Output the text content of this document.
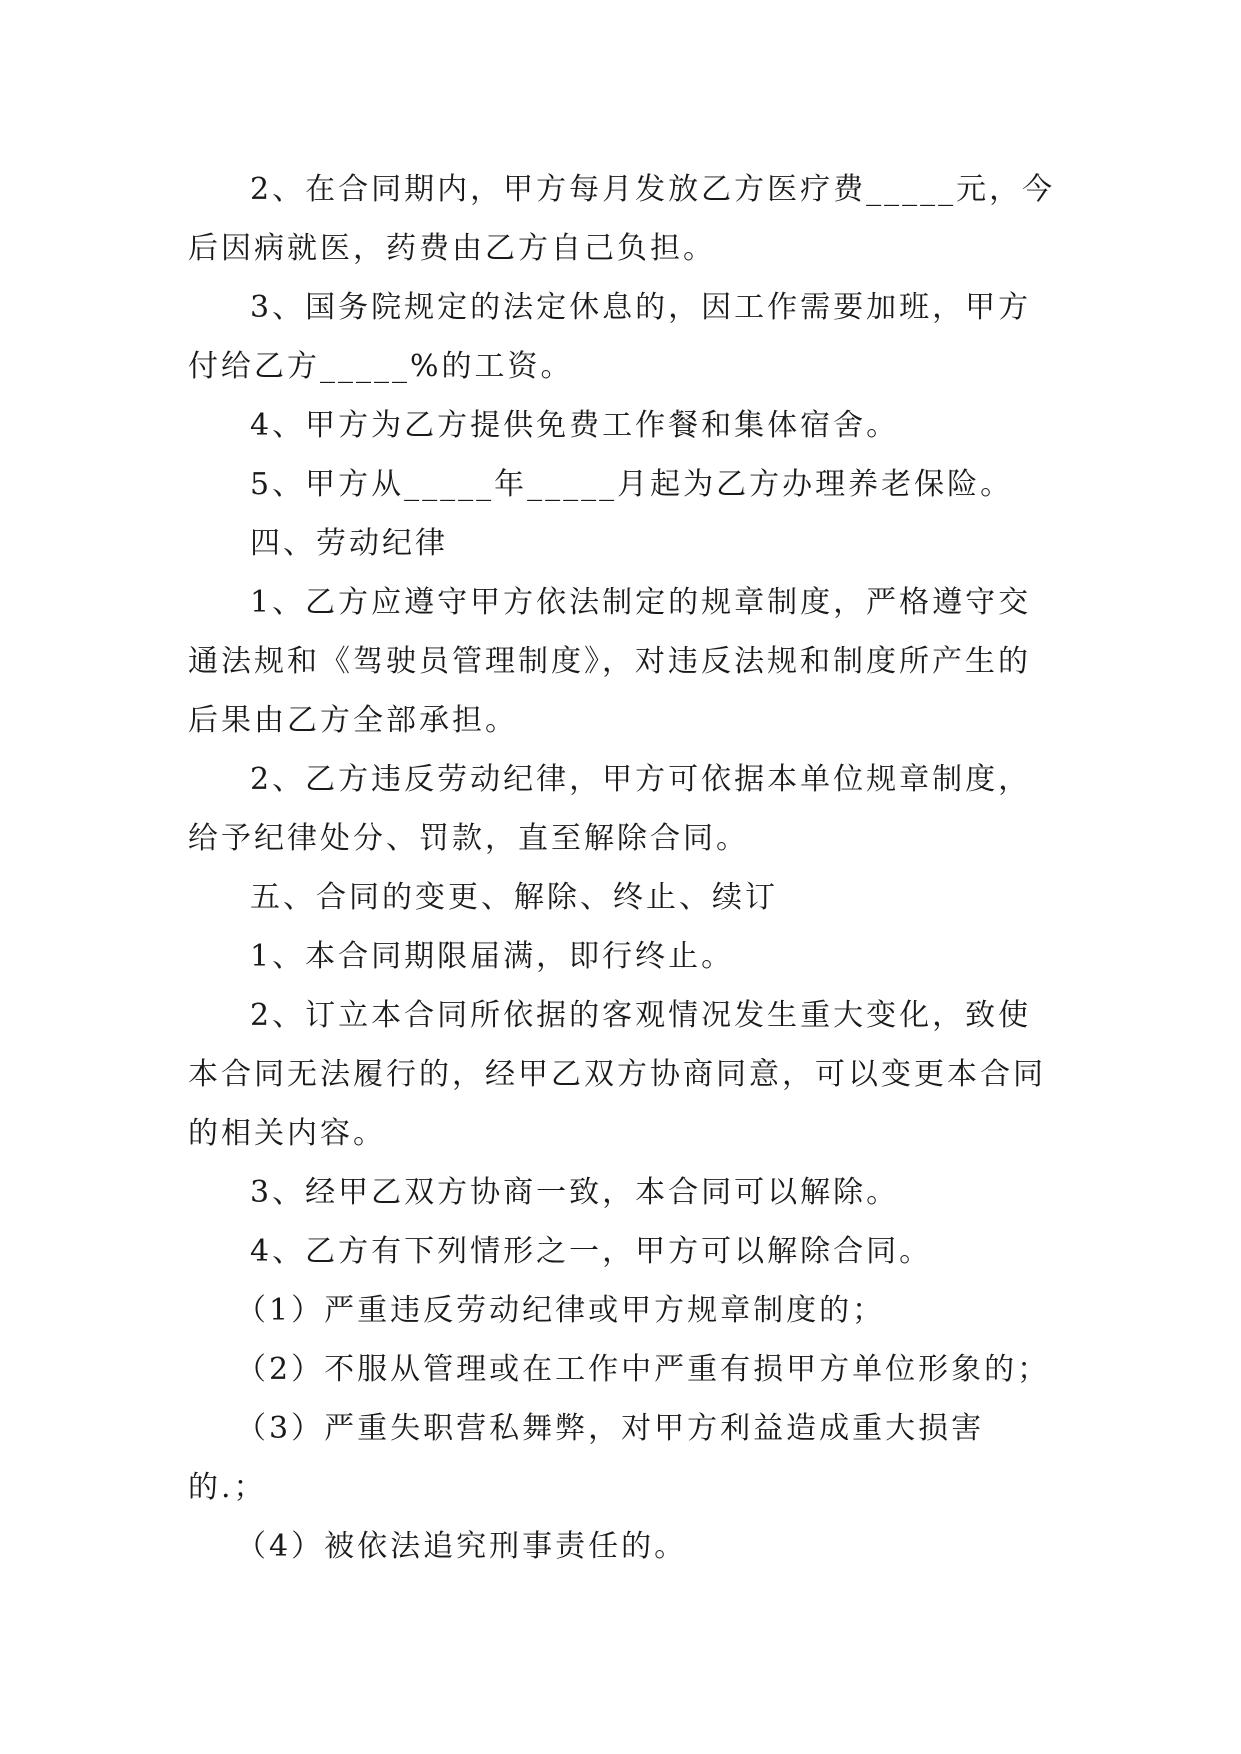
2、在合同期内，甲方每月发放乙方医疗费_____元，今

后因病就医，药费由乙方自己负担。

3、国务院规定的法定休息的，因工作需要加班，甲方

付给乙方_____%的工资。

4、甲方为乙方提供免费工作餐和集体宿舍。

5、甲方从_____年_____月起为乙方办理养老保险。

四、劳动纪律

1、乙方应遵守甲方依法制定的规章制度，严格遵守交

通法规和《驾驶员管理制度》，对违反法规和制度所产生的

后果由乙方全部承担。

2、乙方违反劳动纪律，甲方可依据本单位规章制度，

给予纪律处分、罚款，直至解除合同。

五、合同的变更、解除、终止、续订

1、本合同期限届满，即行终止。

2、订立本合同所依据的客观情况发生重大变化，致使

本合同无法履行的，经甲乙双方协商同意，可以变更本合同

的相关内容。

3、经甲乙双方协商一致，本合同可以解除。

4、乙方有下列情形之一，甲方可以解除合同。

（1）严重违反劳动纪律或甲方规章制度的；

（2）不服从管理或在工作中严重有损甲方单位形象的；

（3）严重失职营私舞弊，对甲方利益造成重大损害

的.；

（4）被依法追究刑事责任的。
